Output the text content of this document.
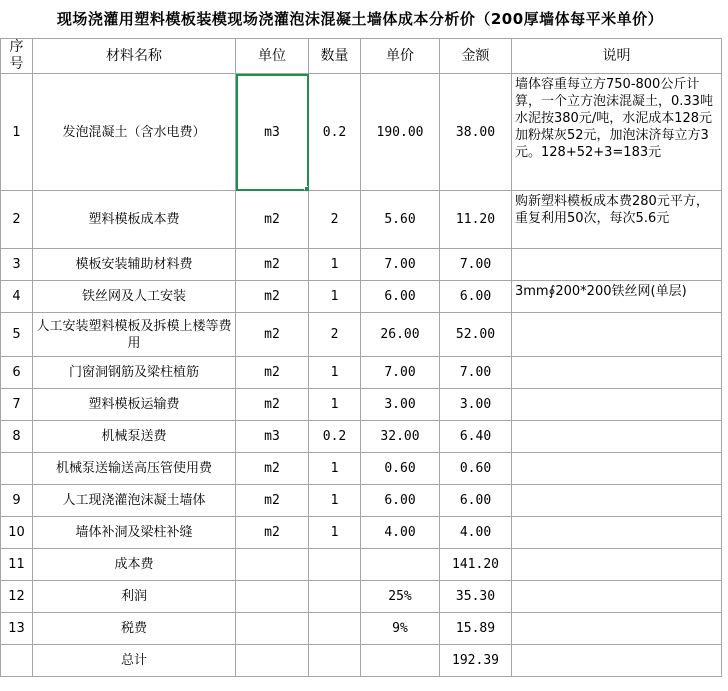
现场浇灌用塑料模板装模现场浇灌泡沫混凝土墙体成本分析价（200厚墙体每平米单价）
序号	材料名称	单位	数量	单价	金额	说明
1	发泡混凝土（含水电费）	m3	0.2	190.00	38.00	墙体容重每立方750-800公斤计算，一个立方泡沫混凝土，0.33吨水泥按380元/吨，水泥成本128元加粉煤灰52元，加泡沫济每立方3元。128+52+3=183元
2	塑料模板成本费	m2	2	5.60	11.20	购新塑料模板成本费280元平方，重复利用50次，每次5.6元
3	模板安装辅助材料费	m2	1	7.00	7.00	
4	铁丝网及人工安装	m2	1	6.00	6.00	3mm∮200*200铁丝网(单层)
5	人工安装塑料模板及拆模上楼等费用	m2	2	26.00	52.00	
6	门窗洞钢筋及梁柱植筋	m2	1	7.00	7.00	
7	塑料模板运输费	m2	1	3.00	3.00	
8	机械泵送费	m3	0.2	32.00	6.40	
	机械泵送输送高压管使用费	m2	1	0.60	0.60	
9	人工现浇灌泡沫凝土墙体	m2	1	6.00	6.00	
10	墙体补洞及梁柱补缝	m2	1	4.00	4.00	
11	成本费				141.20	
12	利润			25%	35.30	
13	税费			9%	15.89	
	总计				192.39	
